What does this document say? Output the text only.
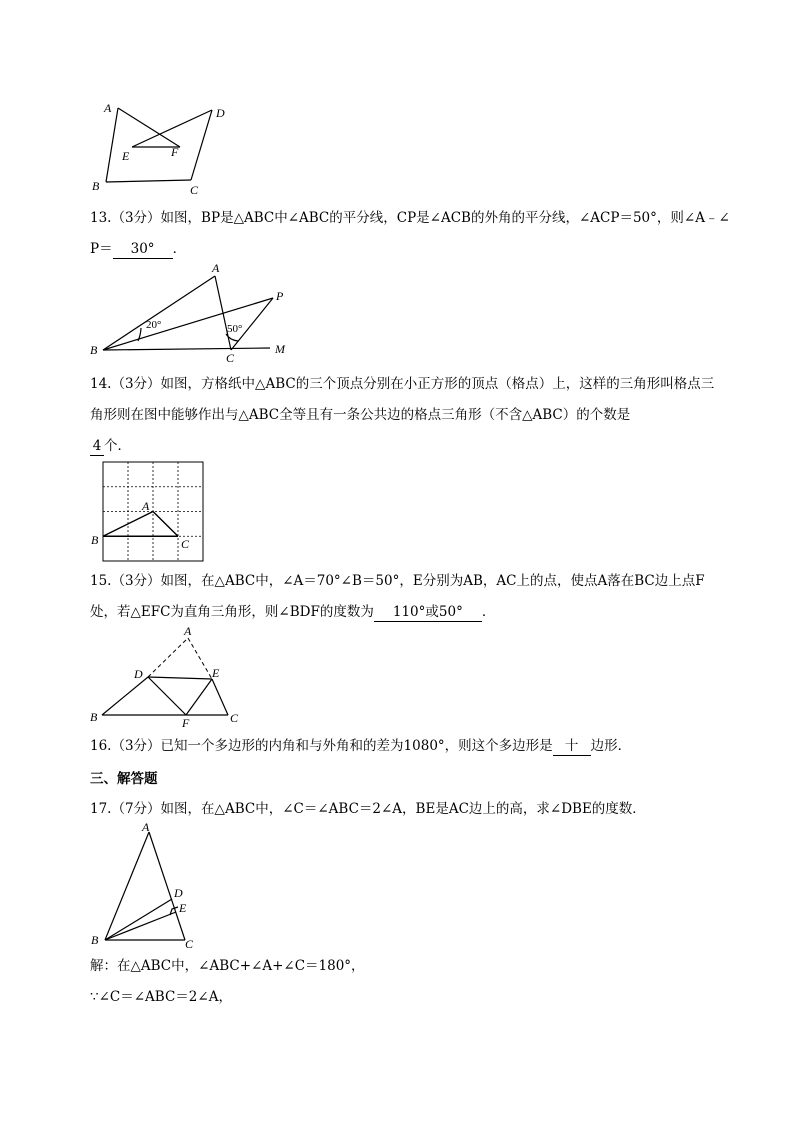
A	D
E	F
B	C
13.（3分）如图，BP是△ABC中∠ABC的平分线，CP是∠ACB的外角的平分线，∠ACP＝50°，则∠A﹣∠
P＝ 30° ．
A
P
B
C
M
20°	50°
14.（3分）如图，方格纸中△ABC的三个顶点分别在小正方形的顶点（格点）上，这样的三角形叫格点三
角形则在图中能够作出与△ABC全等且有一条公共边的格点三角形（不含△ABC）的个数是
4 个．
A
B	C
15.（3分）如图，在△ABC中，∠A＝70°∠B＝50°，E分别为AB，AC上的点，使点A落在BC边上点F
处，若△EFC为直角三角形，则∠BDF的度数为 110°或50° ．
A
D	E
B	F	C
16.（3分）已知一个多边形的内角和与外角和的差为1080°，则这个多边形是 十 边形．
三、解答题
17.（7分）如图，在△ABC中，∠C＝∠ABC＝2∠A，BE是AC边上的高，求∠DBE的度数．
A
D
E
B	C
解：在△ABC中，∠ABC+∠A+∠C＝180°，
∵∠C＝∠ABC＝2∠A，
